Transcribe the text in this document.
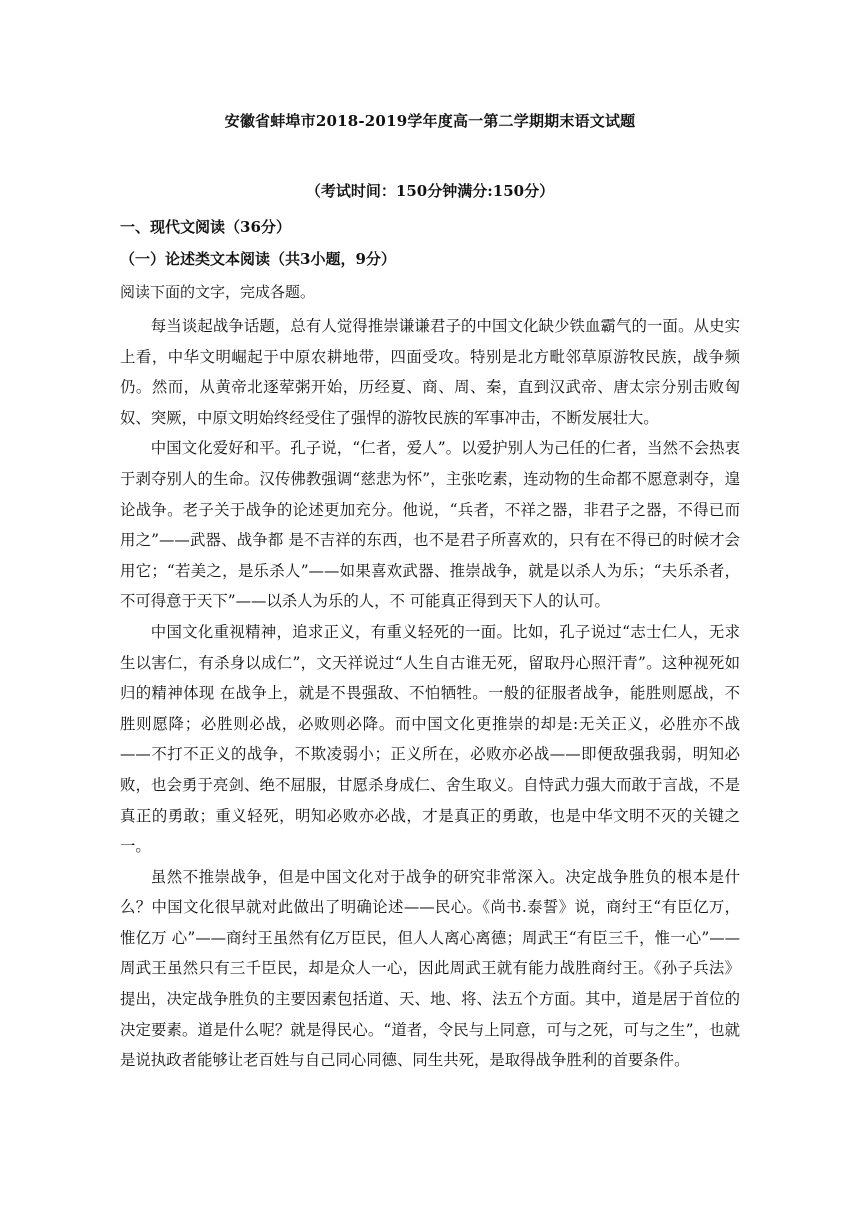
安徽省蚌埠市2018-2019学年度高一第二学期期末语文试题
（考试时间：150分钟满分:150分）
一、现代文阅读（36分）
（一）论述类文本阅读（共3小题，9分）
阅读下面的文字，完成各题。

每当谈起战争话题，总有人觉得推崇谦谦君子的中国文化缺少铁血霸气的一面。从史实上看，中华文明崛起于中原农耕地带，四面受攻。特别是北方毗邻草原游牧民族，战争频仍。然而，从黄帝北逐荤粥开始，历经夏、商、周、秦，直到汉武帝、唐太宗分别击败匈奴、突厥，中原文明始终经受住了强悍的游牧民族的军事冲击，不断发展壮大。

中国文化爱好和平。孔子说，“仁者，爱人”。以爱护别人为己任的仁者，当然不会热衷于剥夺别人的生命。汉传佛教强调“慈悲为怀”，主张吃素，连动物的生命都不愿意剥夺，遑论战争。老子关于战争的论述更加充分。他说，“兵者，不祥之器，非君子之器，不得已而用之”——武器、战争都 是不吉祥的东西，也不是君子所喜欢的，只有在不得已的时候才会用它；“若美之，是乐杀人”——如果喜欢武器、推崇战争，就是以杀人为乐；“夫乐杀者，不可得意于天下”——以杀人为乐的人，不 可能真正得到天下人的认可。

中国文化重视精神，追求正义，有重义轻死的一面。比如，孔子说过“志士仁人，无求生以害仁，有杀身以成仁”，文天祥说过“人生自古谁无死，留取丹心照汗青”。这种视死如归的精神体现 在战争上，就是不畏强敌、不怕牺牲。一般的征服者战争，能胜则愿战，不胜则愿降；必胜则必战，必败则必降。而中国文化更推崇的却是:无关正义，必胜亦不战——不打不正义的战争，不欺凌弱小；正义所在，必败亦必战——即便敌强我弱，明知必败，也会勇于亮剑、绝不屈服，甘愿杀身成仁、舍生取义。自恃武力强大而敢于言战，不是真正的勇敢；重义轻死，明知必败亦必战，才是真正的勇敢，也是中华文明不灭的关键之一。

虽然不推崇战争，但是中国文化对于战争的研究非常深入。决定战争胜负的根本是什么？中国文化很早就对此做出了明确论述——民心。《尚书.泰誓》说，商纣王“有臣亿万，惟亿万 心”——商纣王虽然有亿万臣民，但人人离心离德；周武王“有臣三千，惟一心”——周武王虽然只有三千臣民，却是众人一心，因此周武王就有能力战胜商纣王。《孙子兵法》提出，决定战争胜负的主要因素包括道、天、地、将、法五个方面。其中，道是居于首位的决定要素。道是什么呢？就是得民心。“道者，令民与上同意，可与之死，可与之生”，也就是说执政者能够让老百姓与自己同心同德、同生共死，是取得战争胜利的首要条件。
